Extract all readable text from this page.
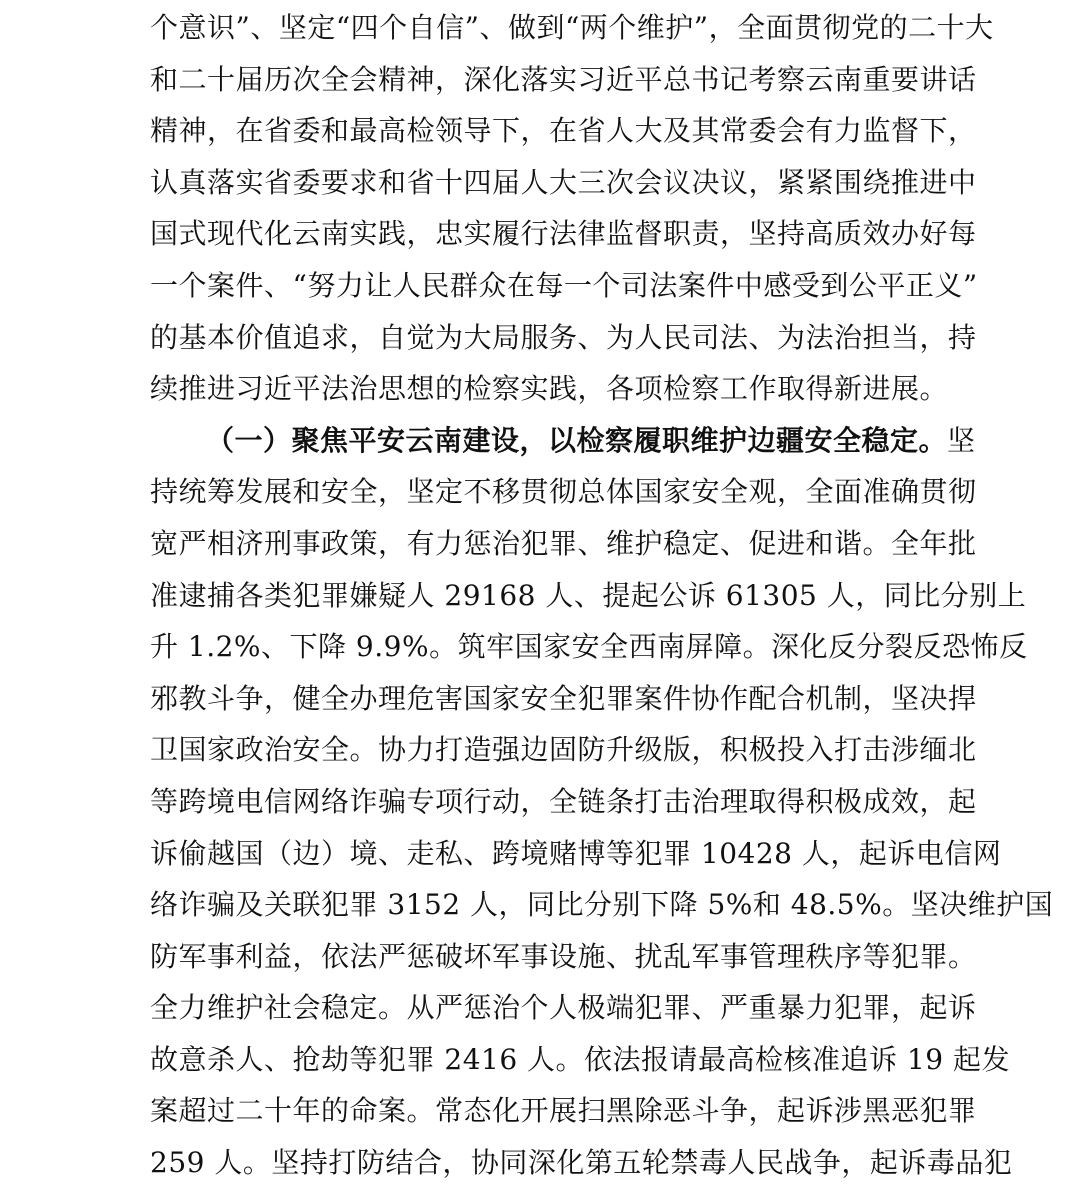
个意识”、坚定“四个自信”、做到“两个维护”，全面贯彻党的二十大
和二十届历次全会精神，深化落实习近平总书记考察云南重要讲话
精神，在省委和最高检领导下，在省人大及其常委会有力监督下，
认真落实省委要求和省十四届人大三次会议决议，紧紧围绕推进中
国式现代化云南实践，忠实履行法律监督职责，坚持高质效办好每
一个案件、“努力让人民群众在每一个司法案件中感受到公平正义”
的基本价值追求，自觉为大局服务、为人民司法、为法治担当，持
续推进习近平法治思想的检察实践，各项检察工作取得新进展。
（一）聚焦平安云南建设，以检察履职维护边疆安全稳定。坚
持统筹发展和安全，坚定不移贯彻总体国家安全观，全面准确贯彻
宽严相济刑事政策，有力惩治犯罪、维护稳定、促进和谐。全年批
准逮捕各类犯罪嫌疑人 29168 人、提起公诉 61305 人，同比分别上
升 1.2%、下降 9.9%。筑牢国家安全西南屏障。深化反分裂反恐怖反
邪教斗争，健全办理危害国家安全犯罪案件协作配合机制，坚决捍
卫国家政治安全。协力打造强边固防升级版，积极投入打击涉缅北
等跨境电信网络诈骗专项行动，全链条打击治理取得积极成效，起
诉偷越国（边）境、走私、跨境赌博等犯罪 10428 人，起诉电信网
络诈骗及关联犯罪 3152 人，同比分别下降 5%和 48.5%。坚决维护国
防军事利益，依法严惩破坏军事设施、扰乱军事管理秩序等犯罪。
全力维护社会稳定。从严惩治个人极端犯罪、严重暴力犯罪，起诉
故意杀人、抢劫等犯罪 2416 人。依法报请最高检核准追诉 19 起发
案超过二十年的命案。常态化开展扫黑除恶斗争，起诉涉黑恶犯罪
259 人。坚持打防结合，协同深化第五轮禁毒人民战争，起诉毒品犯
